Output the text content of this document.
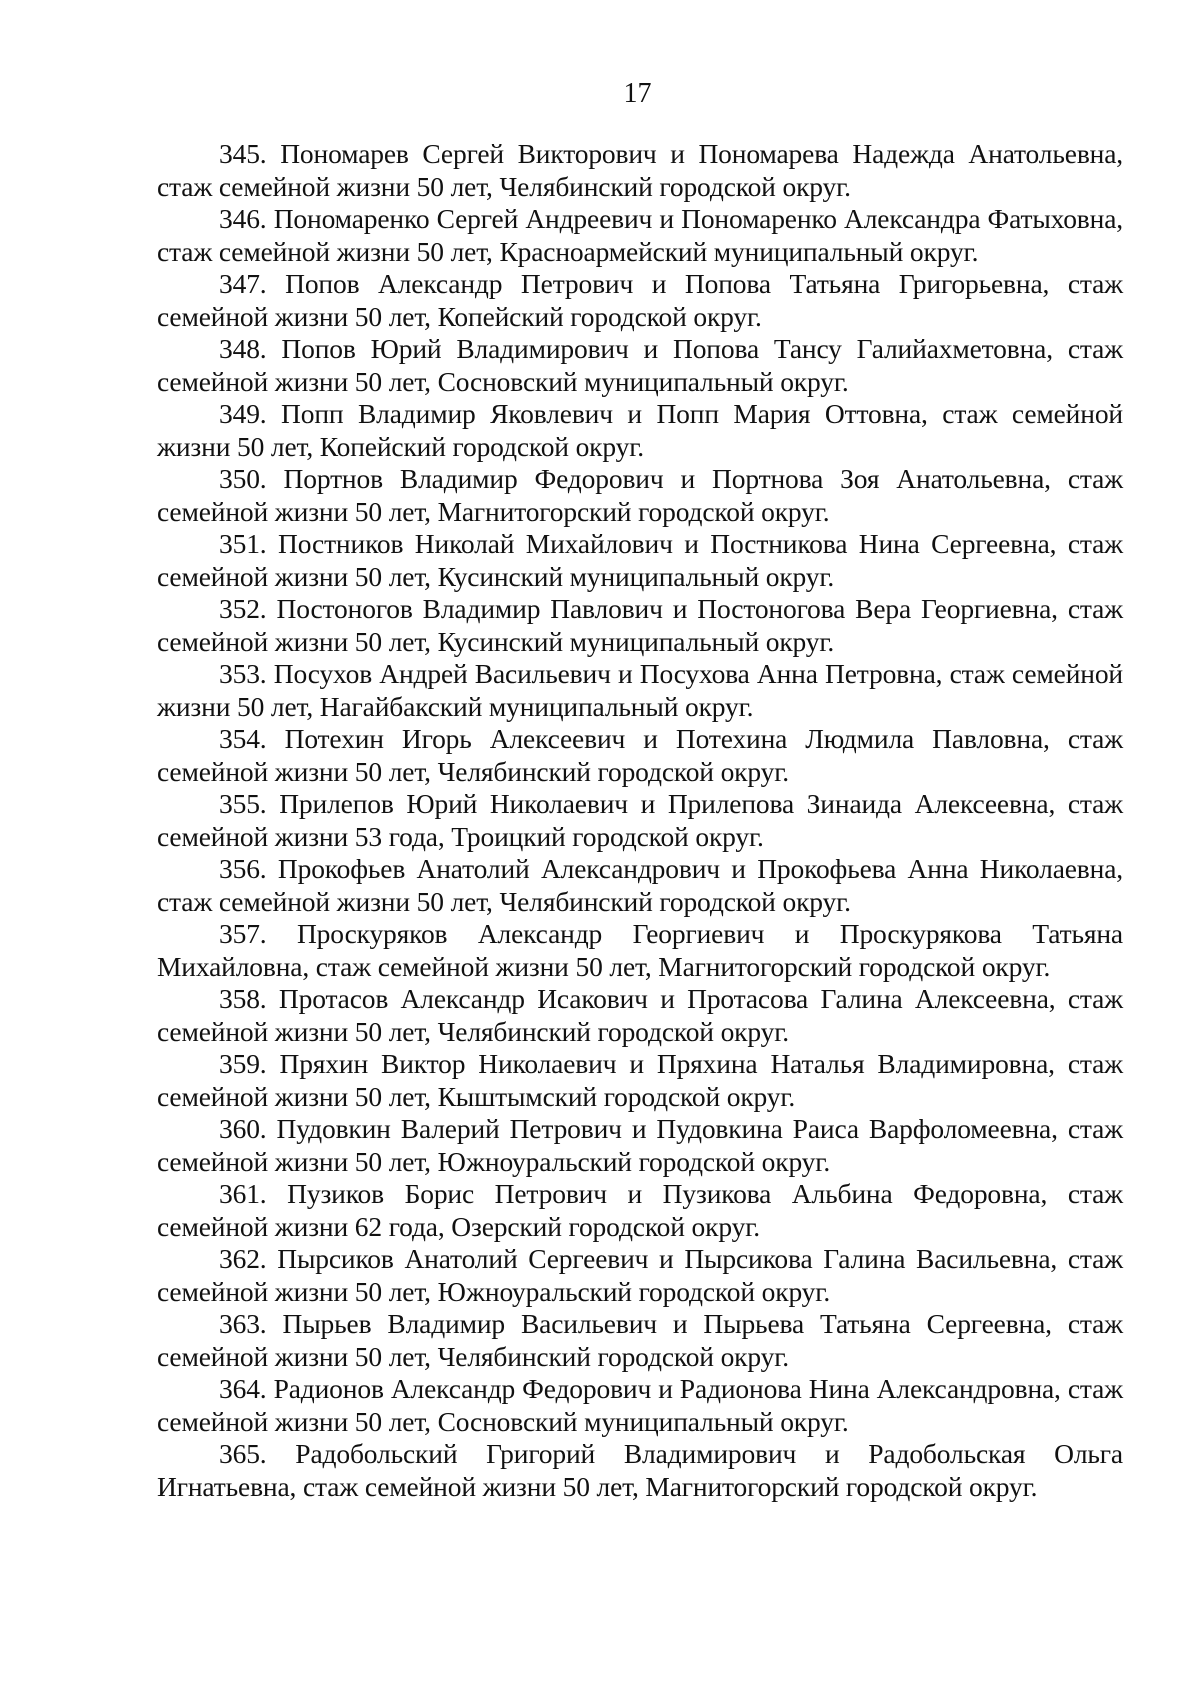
17

345. Пономарев Сергей Викторович и Пономарева Надежда Анатольевна, стаж семейной жизни 50 лет, Челябинский городской округ.

346. Пономаренко Сергей Андреевич и Пономаренко Александра Фатыховна, стаж семейной жизни 50 лет, Красноармейский муниципальный округ.

347. Попов Александр Петрович и Попова Татьяна Григорьевна, стаж семейной жизни 50 лет, Копейский городской округ.

348. Попов Юрий Владимирович и Попова Тансу Галийахметовна, стаж семейной жизни 50 лет, Сосновский муниципальный округ.

349. Попп Владимир Яковлевич и Попп Мария Оттовна, стаж семейной жизни 50 лет, Копейский городской округ.

350. Портнов Владимир Федорович и Портнова Зоя Анатольевна, стаж семейной жизни 50 лет, Магнитогорский городской округ.

351. Постников Николай Михайлович и Постникова Нина Сергеевна, стаж семейной жизни 50 лет, Кусинский муниципальный округ.

352. Постоногов Владимир Павлович и Постоногова Вера Георгиевна, стаж семейной жизни 50 лет, Кусинский муниципальный округ.

353. Посухов Андрей Васильевич и Посухова Анна Петровна, стаж семейной жизни 50 лет, Нагайбакский муниципальный округ.

354. Потехин Игорь Алексеевич и Потехина Людмила Павловна, стаж семейной жизни 50 лет, Челябинский городской округ.

355. Прилепов Юрий Николаевич и Прилепова Зинаида Алексеевна, стаж семейной жизни 53 года, Троицкий городской округ.

356. Прокофьев Анатолий Александрович и Прокофьева Анна Николаевна, стаж семейной жизни 50 лет, Челябинский городской округ.

357. Проскуряков Александр Георгиевич и Проскурякова Татьяна Михайловна, стаж семейной жизни 50 лет, Магнитогорский городской округ.

358. Протасов Александр Исакович и Протасова Галина Алексеевна, стаж семейной жизни 50 лет, Челябинский городской округ.

359. Пряхин Виктор Николаевич и Пряхина Наталья Владимировна, стаж семейной жизни 50 лет, Кыштымский городской округ.

360. Пудовкин Валерий Петрович и Пудовкина Раиса Варфоломеевна, стаж семейной жизни 50 лет, Южноуральский городской округ.

361. Пузиков Борис Петрович и Пузикова Альбина Федоровна, стаж семейной жизни 62 года, Озерский городской округ.

362. Пырсиков Анатолий Сергеевич и Пырсикова Галина Васильевна, стаж семейной жизни 50 лет, Южноуральский городской округ.

363. Пырьев Владимир Васильевич и Пырьева Татьяна Сергеевна, стаж семейной жизни 50 лет, Челябинский городской округ.

364. Радионов Александр Федорович и Радионова Нина Александровна, стаж семейной жизни 50 лет, Сосновский муниципальный округ.

365. Радобольский Григорий Владимирович и Радобольская Ольга Игнатьевна, стаж семейной жизни 50 лет, Магнитогорский городской округ.
